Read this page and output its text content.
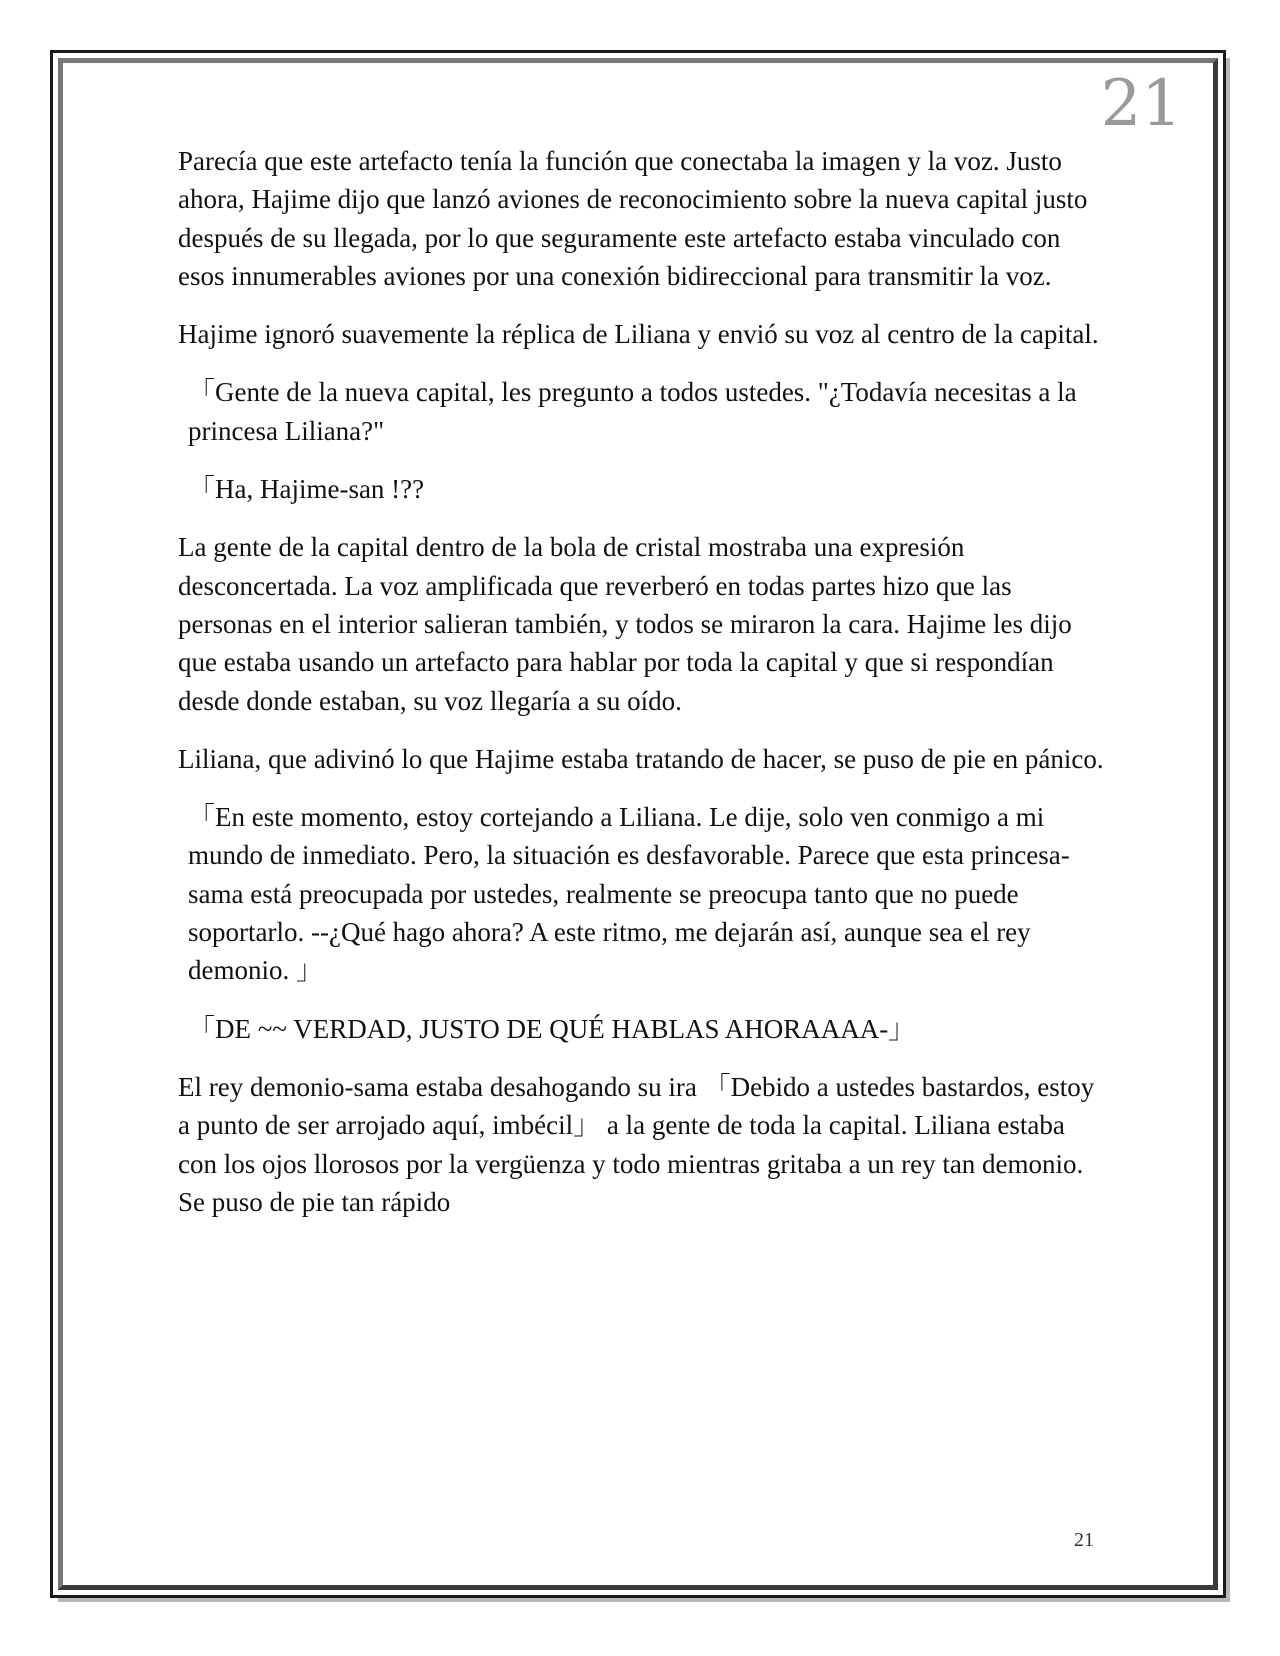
21

Parecía que este artefacto tenía la función que conectaba la imagen y la voz. Justo ahora, Hajime dijo que lanzó aviones de reconocimiento sobre la nueva capital justo después de su llegada, por lo que seguramente este artefacto estaba vinculado con esos innumerables aviones por una conexión bidireccional para transmitir la voz.

Hajime ignoró suavemente la réplica de Liliana y envió su voz al centro de la capital.

「Gente de la nueva capital, les pregunto a todos ustedes. "¿Todavía necesitas a la princesa Liliana?"

「Ha, Hajime-san !??

La gente de la capital dentro de la bola de cristal mostraba una expresión desconcertada. La voz amplificada que reverberó en todas partes hizo que las personas en el interior salieran también, y todos se miraron la cara. Hajime les dijo que estaba usando un artefacto para hablar por toda la capital y que si respondían desde donde estaban, su voz llegaría a su oído.

Liliana, que adivinó lo que Hajime estaba tratando de hacer, se puso de pie en pánico.

「En este momento, estoy cortejando a Liliana. Le dije, solo ven conmigo a mi mundo de inmediato. Pero, la situación es desfavorable. Parece que esta princesa-sama está preocupada por ustedes, realmente se preocupa tanto que no puede soportarlo. --¿Qué hago ahora? A este ritmo, me dejarán así, aunque sea el rey demonio. 」

「DE ~~ VERDAD, JUSTO DE QUÉ HABLAS AHORAAAA-」

El rey demonio-sama estaba desahogando su ira 「Debido a ustedes bastardos, estoy a punto de ser arrojado aquí, imbécil」 a la gente de toda la capital. Liliana estaba con los ojos llorosos por la vergüenza y todo mientras gritaba a un rey tan demonio. Se puso de pie tan rápido

21
